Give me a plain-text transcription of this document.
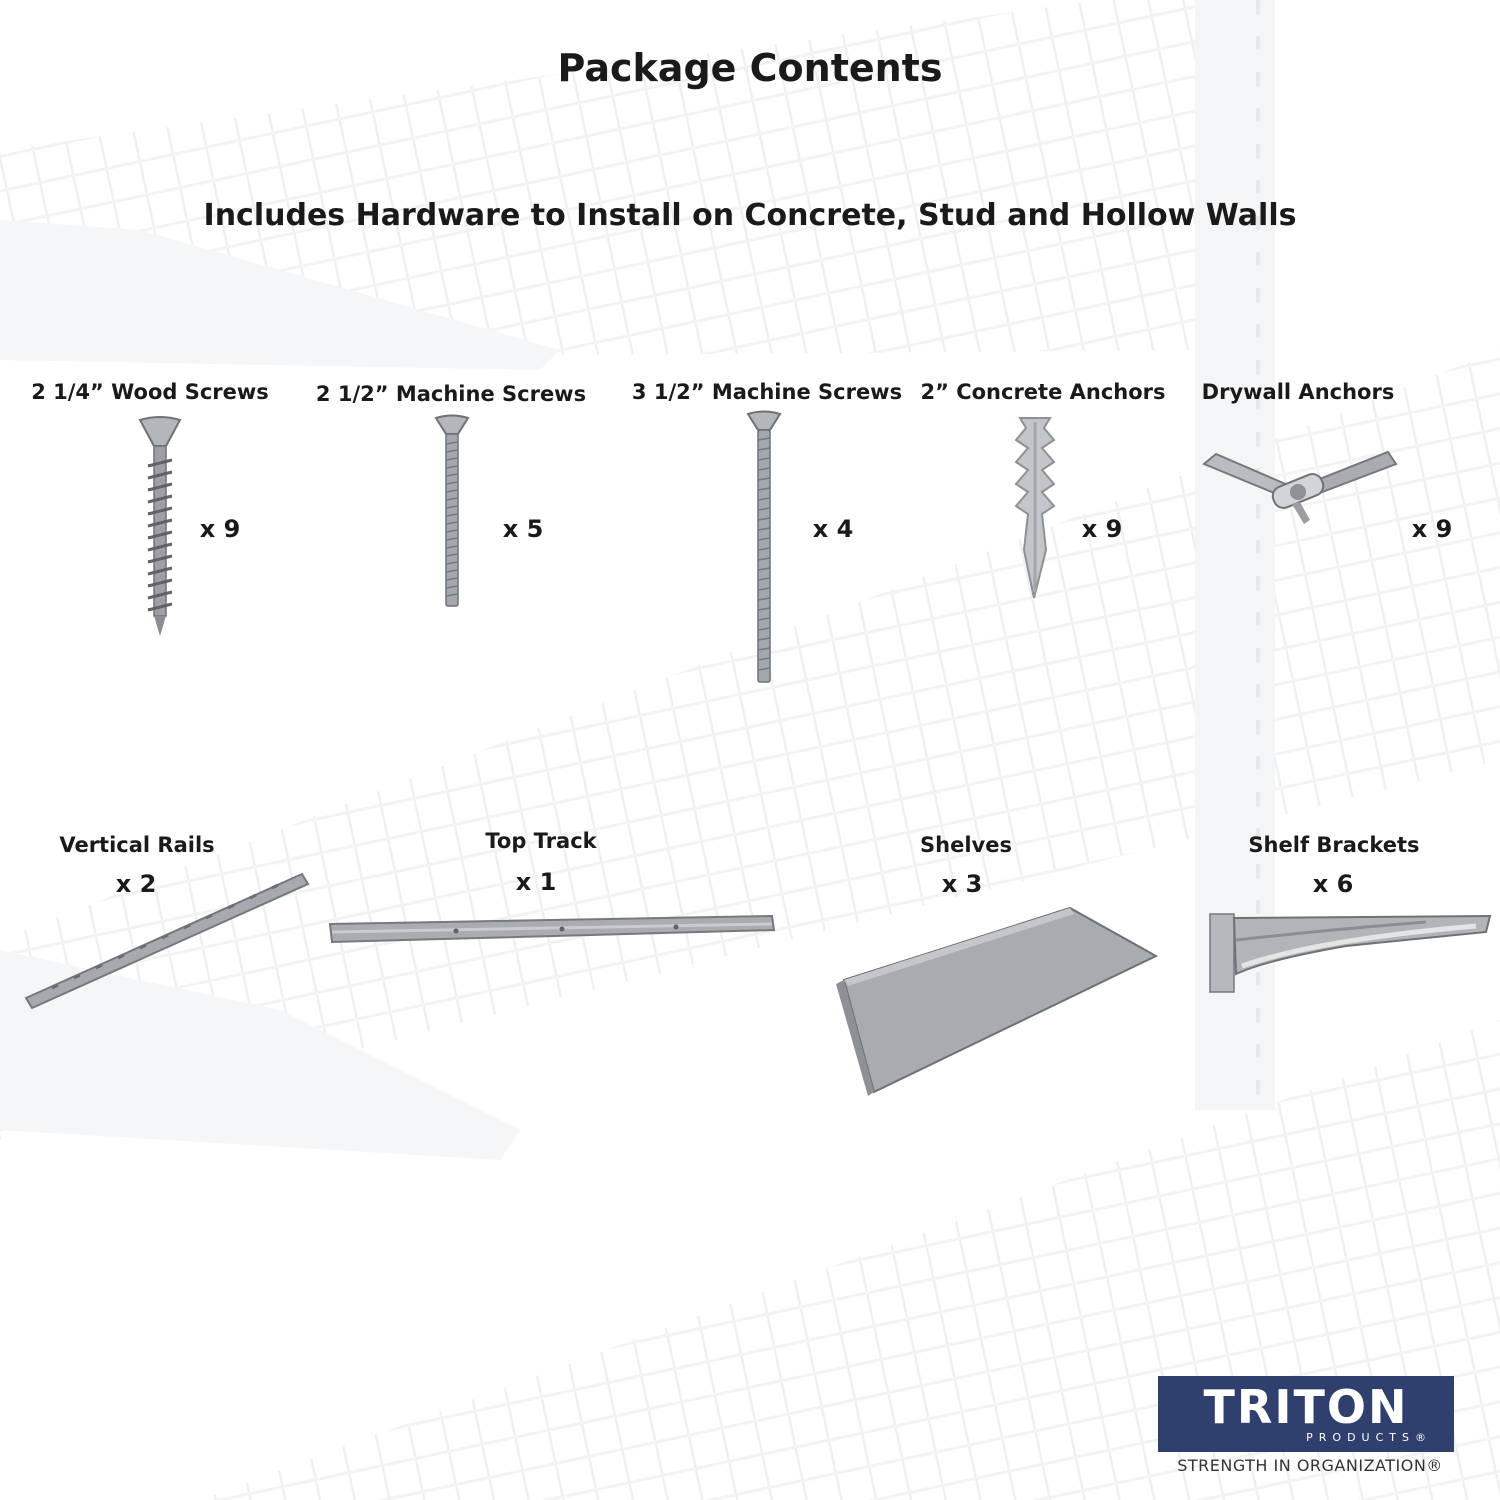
Package Contents
Includes Hardware to Install on Concrete, Stud and Hollow Walls
2 1/4” Wood Screws 2 1/2” Machine Screws 3 1/2” Machine Screws 2” Concrete Anchors Drywall Anchors
x 9	x 5	x 4	x 9	x 9
Vertical Rails	Top Track	Shelves	Shelf Brackets
x 2	x 1	x 3	x 6
TRITON
PRODUCTS®
STRENGTH IN ORGANIZATION®
